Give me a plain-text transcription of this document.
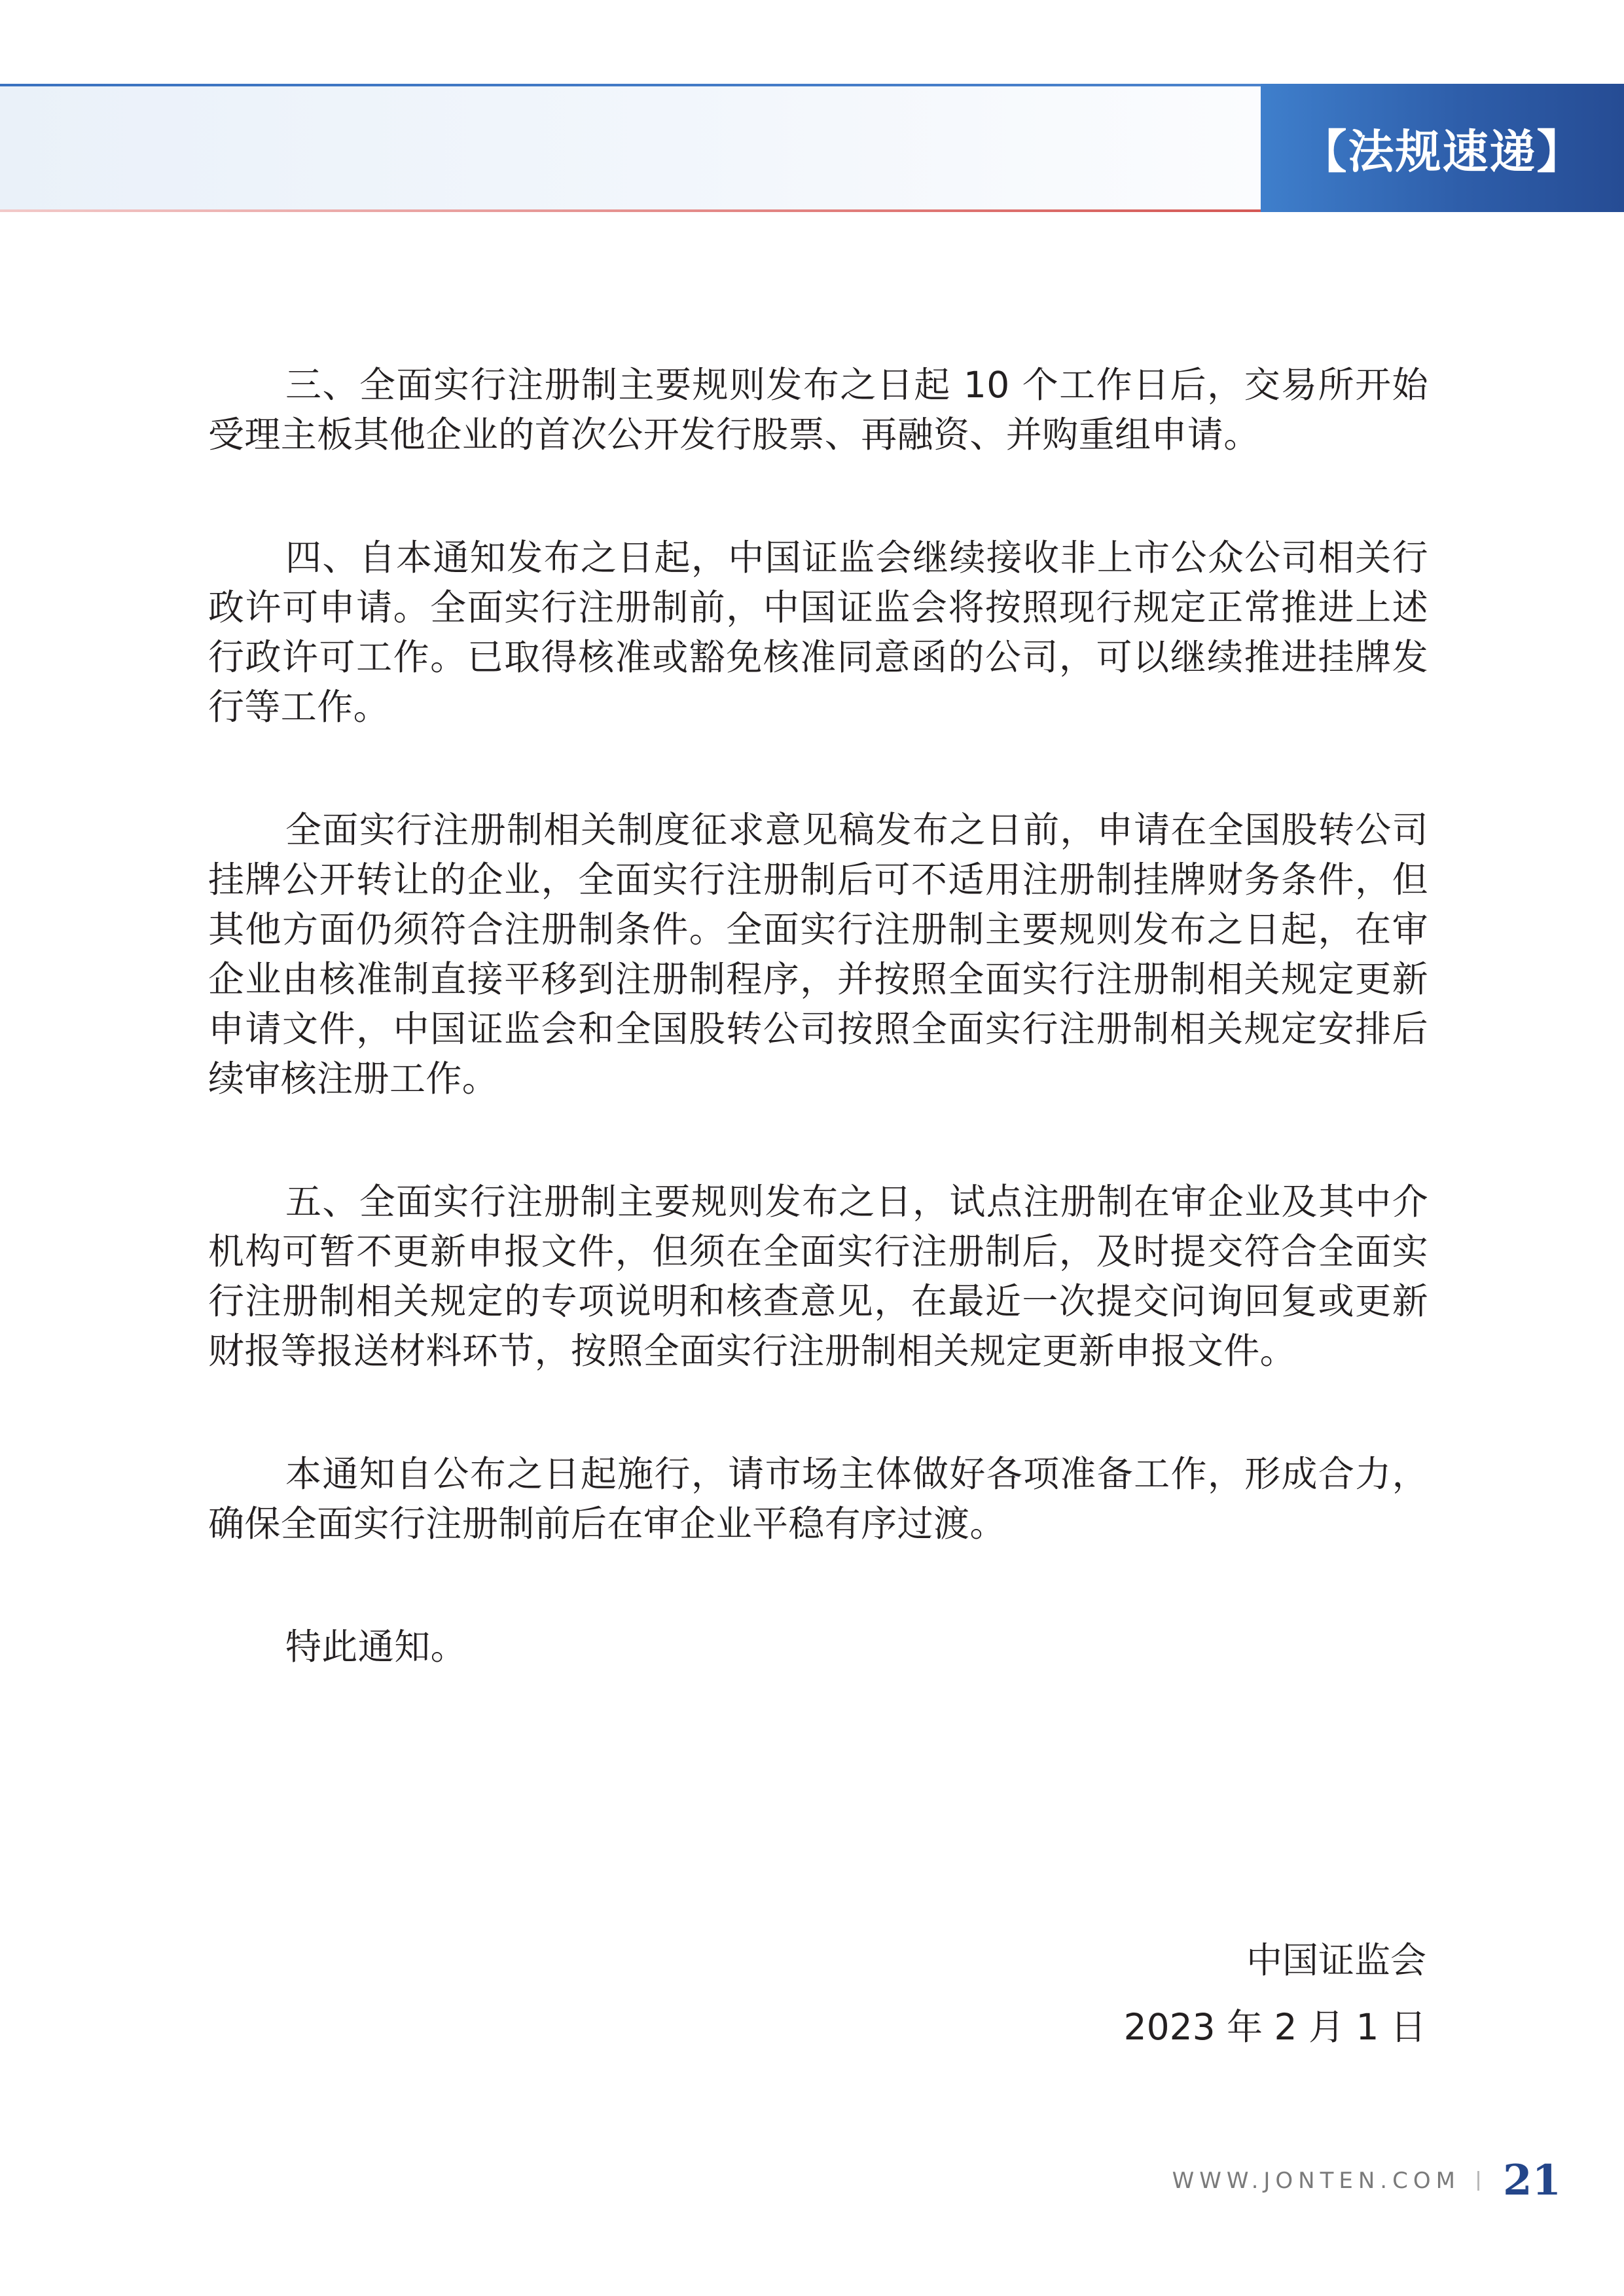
【法规速递】

三、全面实行注册制主要规则发布之日起 10 个工作日后，交易所开始受理主板其他企业的首次公开发行股票、再融资、并购重组申请。

四、自本通知发布之日起，中国证监会继续接收非上市公众公司相关行政许可申请。全面实行注册制前，中国证监会将按照现行规定正常推进上述行政许可工作。已取得核准或豁免核准同意函的公司，可以继续推进挂牌发行等工作。

全面实行注册制相关制度征求意见稿发布之日前，申请在全国股转公司挂牌公开转让的企业，全面实行注册制后可不适用注册制挂牌财务条件，但其他方面仍须符合注册制条件。全面实行注册制主要规则发布之日起，在审企业由核准制直接平移到注册制程序，并按照全面实行注册制相关规定更新申请文件，中国证监会和全国股转公司按照全面实行注册制相关规定安排后续审核注册工作。

五、全面实行注册制主要规则发布之日，试点注册制在审企业及其中介机构可暂不更新申报文件，但须在全面实行注册制后，及时提交符合全面实行注册制相关规定的专项说明和核查意见，在最近一次提交问询回复或更新财报等报送材料环节，按照全面实行注册制相关规定更新申报文件。

本通知自公布之日起施行，请市场主体做好各项准备工作，形成合力，确保全面实行注册制前后在审企业平稳有序过渡。

特此通知。

中国证监会
2023 年 2 月 1 日
WWW.JONTEN.COM 21
